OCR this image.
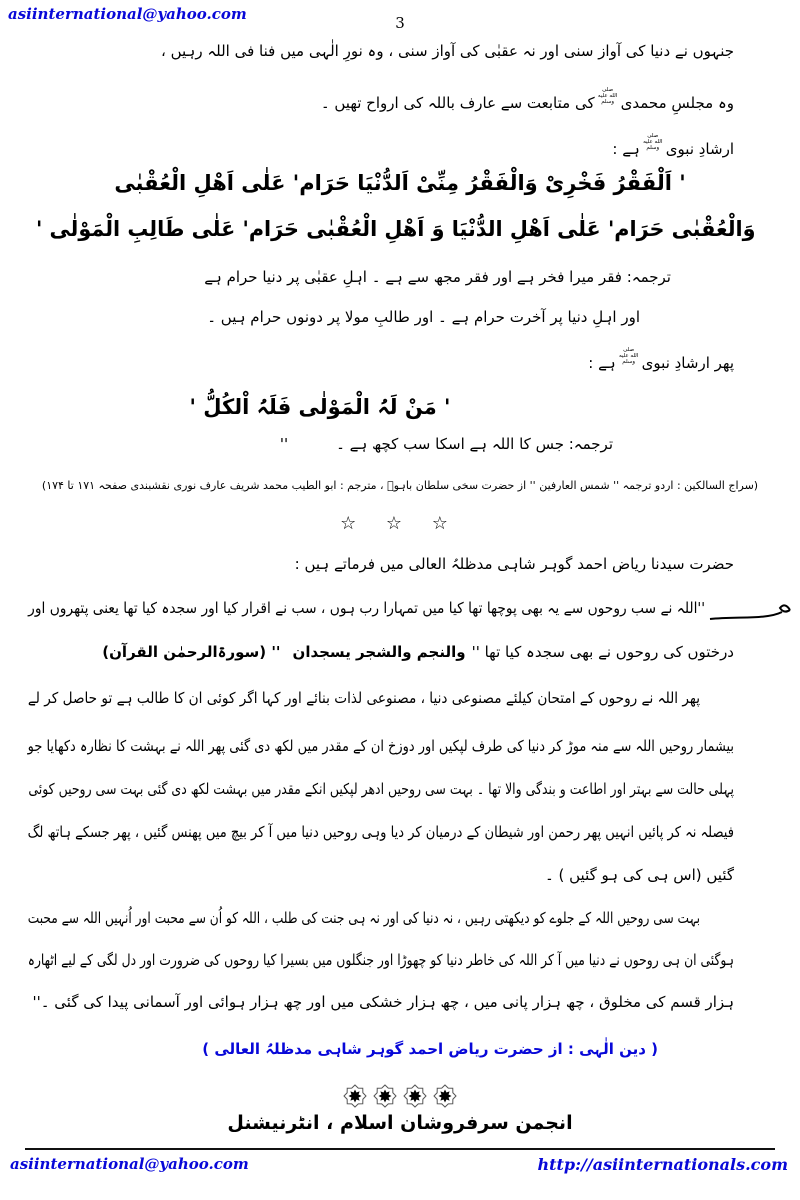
asiinternational@yahoo.com	3
جنہوں نے دنیا کی آواز سنی اور نہ عقبٰی کی آواز سنی ، وہ نورِ الٰہی میں فنا فی اللہ رہیں ،
وہ مجلسِ محمدیصلى الله عليه وسلمکی متابعت سے عارف باللہ کی ارواح تھیں ۔
ارشادِ نبویصلى الله عليه وسلمہے :
' اَلْفَقْرُ فَخْرِیْ وَالْفَقْرُ مِنِّیْ اَلدُّنْیَا حَرَام' عَلٰی اَھْلِ الْعُقْبٰی
وَالْعُقْبٰی حَرَام' عَلٰی اَھْلِ الدُّنْیَا وَ اَھْلِ الْعُقْبٰی حَرَام' عَلٰی طَالِبِ الْمَوْلٰی '
ترجمہ: فقر میرا فخر ہے اور فقر مجھ سے ہے ۔ اہلِ عقبٰی پر دنیا حرام ہے
اور اہلِ دنیا پر آخرت حرام ہے ۔ اور طالبِ مولا پر دونوں حرام ہیں ۔
پھر ارشادِ نبویصلى الله عليه وسلمہے :
' مَنْ لَہُ الْمَوْلٰی فَلَہُ اْلکُلُّ '
ترجمہ: جس کا اللہ ہے اسکا سب کچھ ہے ۔''
(سراج السالکین : اردو ترجمہ '' شمس العارفین '' از حضرت سخی سلطان باہوؒ ، مترجم : ابو الطیب محمد شریف عارف نوری نقشبندی صفحہ ۱۷۱ تا ۱۷۴)
☆ ☆ ☆
حضرت سیدنا ریاض احمد گوہر شاہی مدظلہُ العالی میں فرماتے ہیں :
''اللہ نے سب روحوں سے یہ بھی پوچھا تھا کیا میں تمہارا رب ہوں ، سب نے اقرار کیا اور سجدہ کیا تھا یعنی پتھروں اور
درختوں کی روحوں نے بھی سجدہ کیا تھا ''والنجم والشجر یسجدان'' (سورۃالرحمٰن القرآن)
پھر اللہ نے روحوں کے امتحان کیلئے مصنوعی دنیا ، مصنوعی لذات بنائے اور کہا اگر کوئی ان کا طالب ہے تو حاصل کر لے
بیشمار روحیں اللہ سے منہ موڑ کر دنیا کی طرف لپکیں اور دوزخ ان کے مقدر میں لکھ دی گئی پھر اللہ نے بہشت کا نظارہ دکھایا جو
پہلی حالت سے بہتر اور اطاعت و بندگی والا تھا ۔ بہت سی روحیں ادھر لپکیں انکے مقدر میں بہشت لکھ دی گئی بہت سی روحیں کوئی
فیصلہ نہ کر پائیں انہیں پھر رحمن اور شیطان کے درمیان کر دیا وہی روحیں دنیا میں آ کر بیچ میں پھنس گئیں ، پھر جسکے ہاتھ لگ
گئیں (اس ہی کی ہو گئیں ) ۔
بہت سی روحیں اللہ کے جلوے کو دیکھتی رہیں ، نہ دنیا کی اور نہ ہی جنت کی طلب ، اللہ کو اُن سے محبت اور اُنہیں اللہ سے محبت
ہوگئی ان ہی روحوں نے دنیا میں آ کر اللہ کی خاطر دنیا کو چھوڑا اور جنگلوں میں بسیرا کیا روحوں کی ضرورت اور دل لگی کے لیے اٹھارہ
ہزار قسم کی مخلوق ، چھ ہزار پانی میں ، چھ ہزار خشکی میں اور چھ ہزار ہوائی اور آسمانی پیدا کی گئی ۔''
( دین الٰہی : از حضرت ریاض احمد گوہر شاہی مدظلہُ العالی )
انجمن سرفروشان اسلام ، انٹرنیشنل
asiinternational@yahoo.com	http://asiinternationals.com
